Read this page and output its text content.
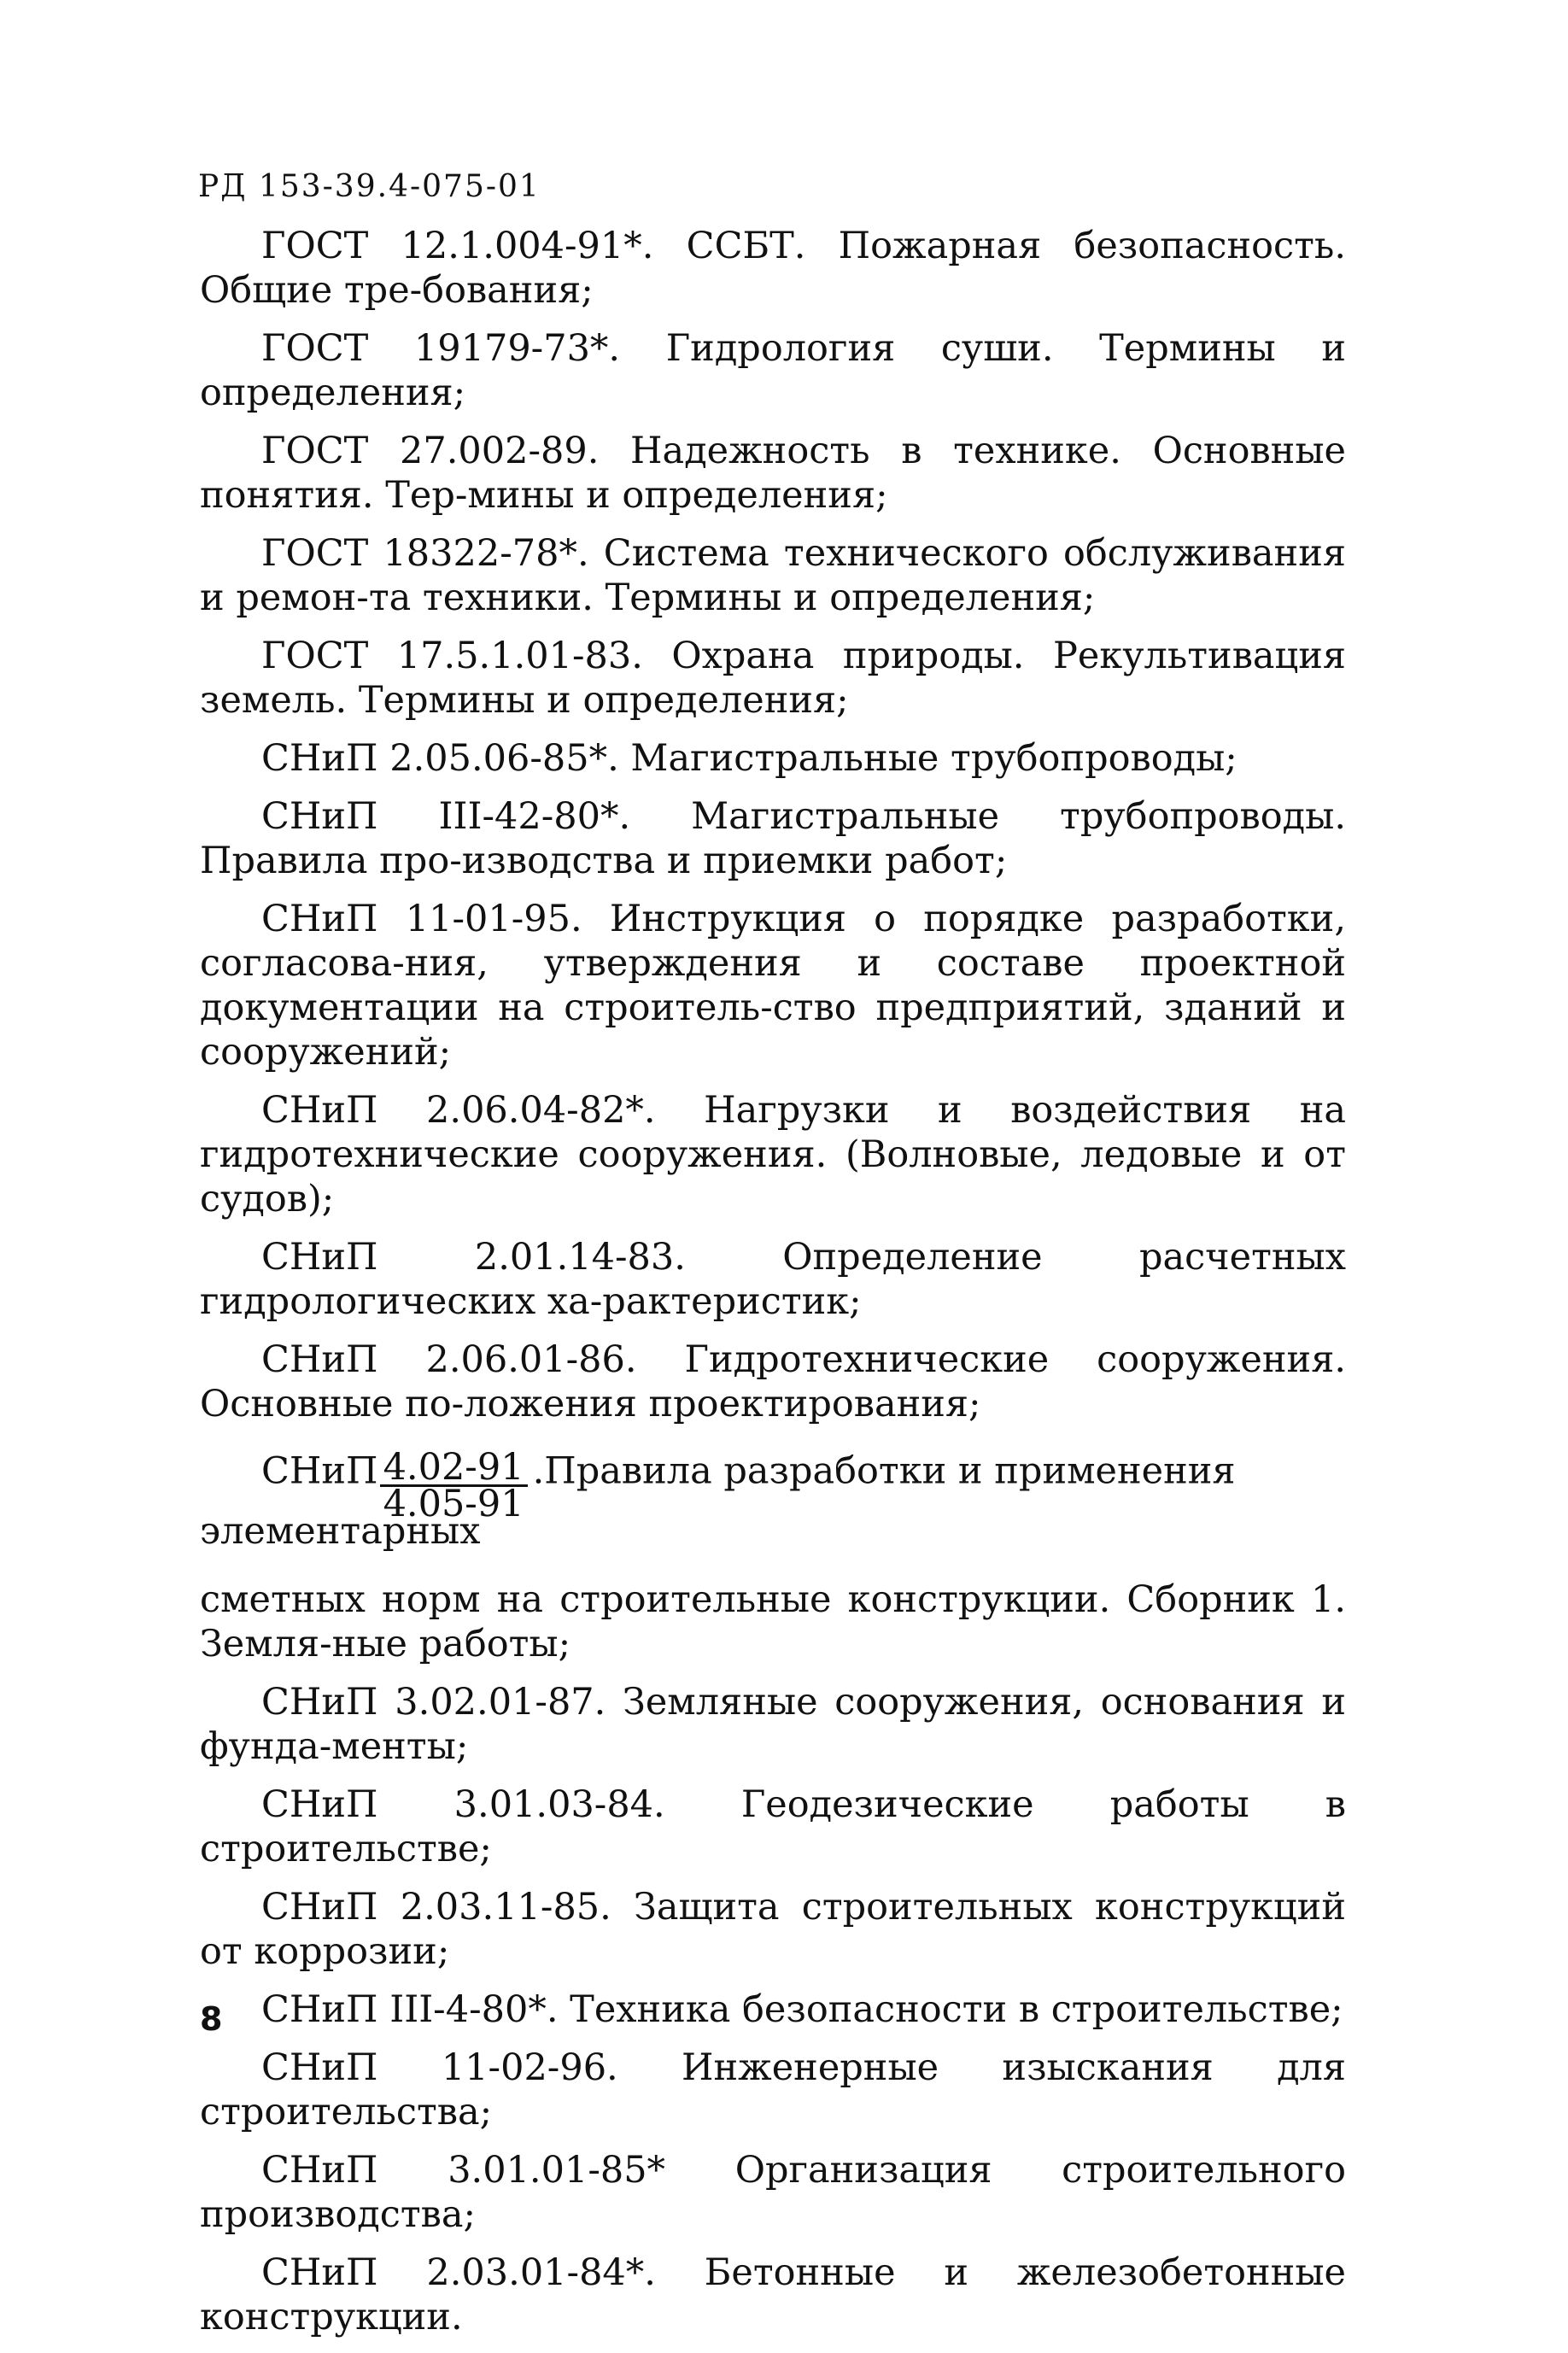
РД 153-39.4-075-01

ГОСТ 12.1.004-91*. ССБТ. Пожарная безопасность. Общие тре-бования;

ГОСТ 19179-73*. Гидрология суши. Термины и определения;

ГОСТ 27.002-89. Надежность в технике. Основные понятия. Тер-мины и определения;

ГОСТ 18322-78*. Система технического обслуживания и ремон-та техники. Термины и определения;

ГОСТ 17.5.1.01-83. Охрана природы. Рекультивация земель. Термины и определения;

СНиП 2.05.06-85*. Магистральные трубопроводы;

СНиП III-42-80*. Магистральные трубопроводы. Правила про-изводства и приемки работ;

СНиП 11-01-95. Инструкция о порядке разработки, согласова-ния, утверждения и составе проектной документации на строитель-ство предприятий, зданий и сооружений;

СНиП 2.06.04-82*. Нагрузки и воздействия на гидротехнические сооружения. (Волновые, ледовые и от судов);

СНиП 2.01.14-83. Определение расчетных гидрологических ха-рактеристик;

СНиП 2.06.01-86. Гидротехнические сооружения. Основные по-ложения проектирования;

СНиП $\frac{4.02-91}{4.05-91}$ .Правила разработки и применения элементарных

сметных норм на строительные конструкции. Сборник 1. Земля-ные работы;

СНиП 3.02.01-87. Земляные сооружения, основания и фунда-менты;

СНиП 3.01.03-84. Геодезические работы в строительстве;

СНиП 2.03.11-85. Защита строительных конструкций от коррозии;

СНиП III-4-80*. Техника безопасности в строительстве;

СНиП 11-02-96. Инженерные изыскания для строительства;

СНиП 3.01.01-85* Организация строительного производства;

СНиП 2.03.01-84*. Бетонные и железобетонные конструкции.

8
